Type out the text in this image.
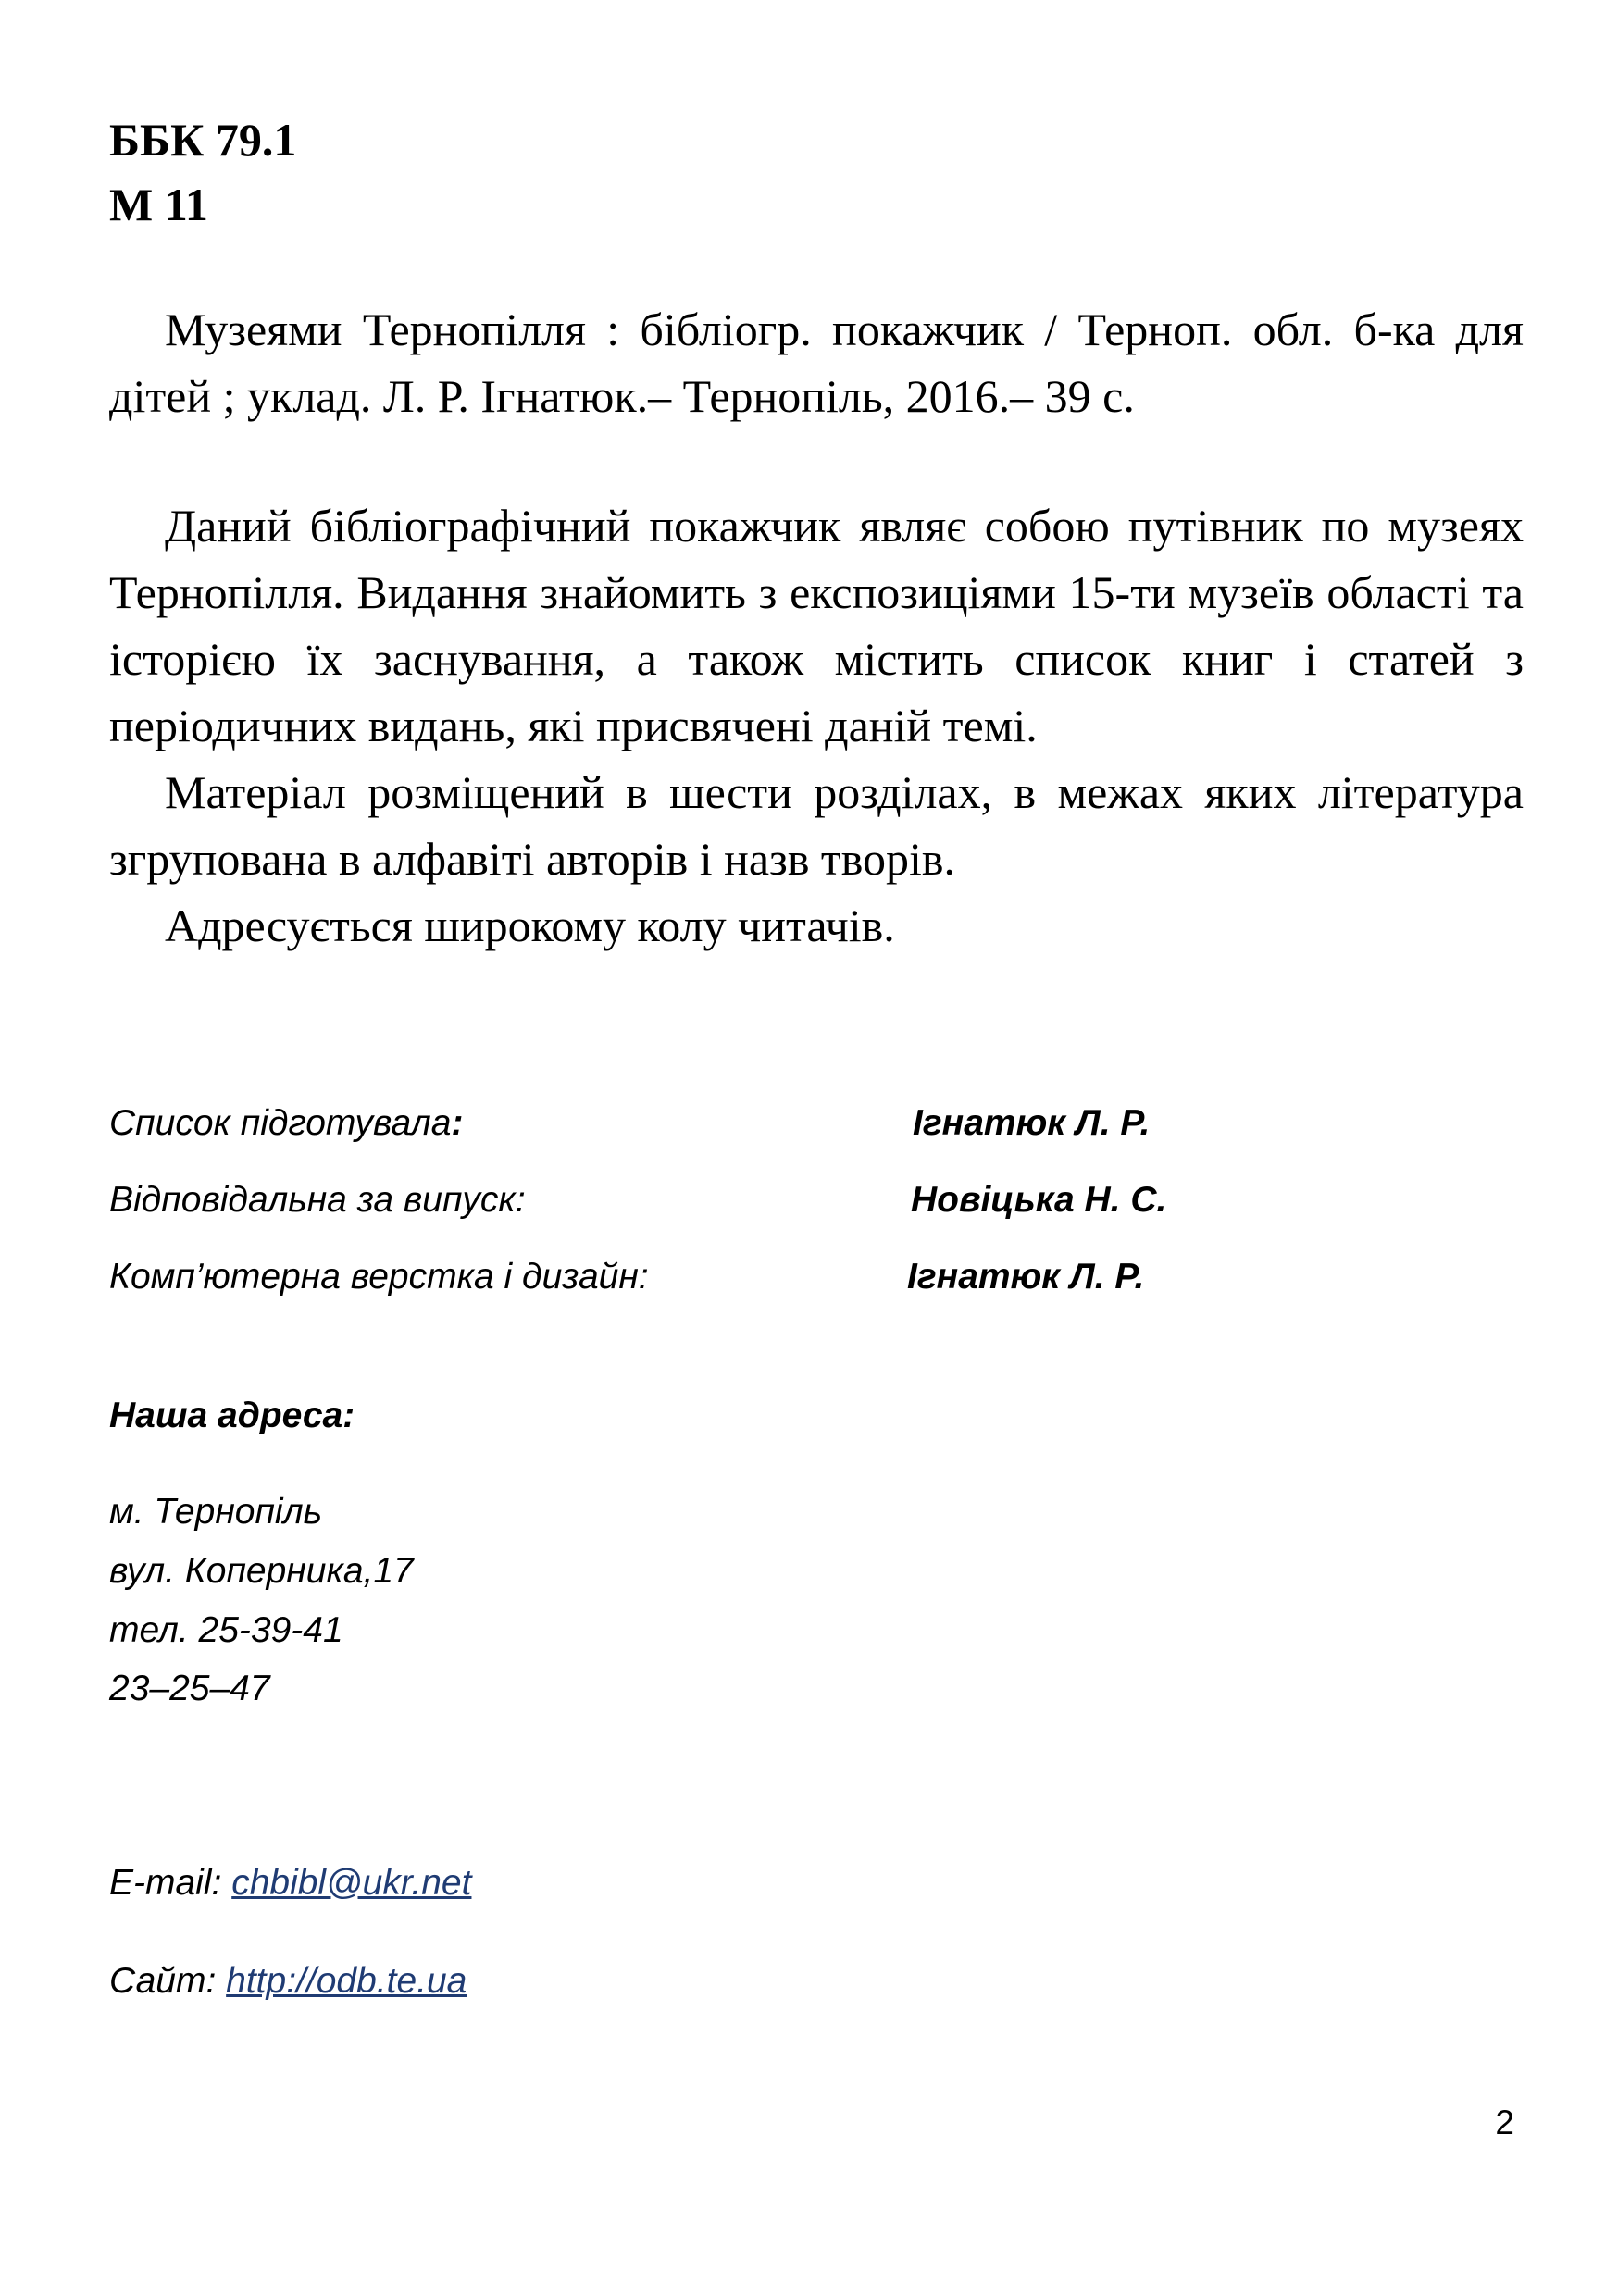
ББК 79.1

М 11

Музеями Тернопілля : бібліогр. покажчик / Терноп. обл. б-ка для дітей ; уклад. Л. Р. Ігнатюк.– Тернопіль, 2016.– 39 с.

Даний бібліографічний покажчик являє собою путівник по музеях Тернопілля. Видання знайомить з експозиціями 15-ти музеїв області та історією їх заснування, а також містить список книг і статей з періодичних видань, які присвячені даній темі.

Матеріал розміщений в шести розділах, в межах яких література згрупована в алфавіті авторів і назв творів.

Адресується широкому колу читачів.

Список підготувала:	Ігнатюк Л. Р.
Відповідальна за випуск:	Новіцька Н. С.
Комп’ютерна верстка і дизайн:	Ігнатюк Л. Р.

Наша адреса:

м. Тернопіль

вул. Коперника,17

тел. 25-39-41

23–25–47

E-mail: chbibl@ukr.net

Сайт: http://odb.te.ua

2
